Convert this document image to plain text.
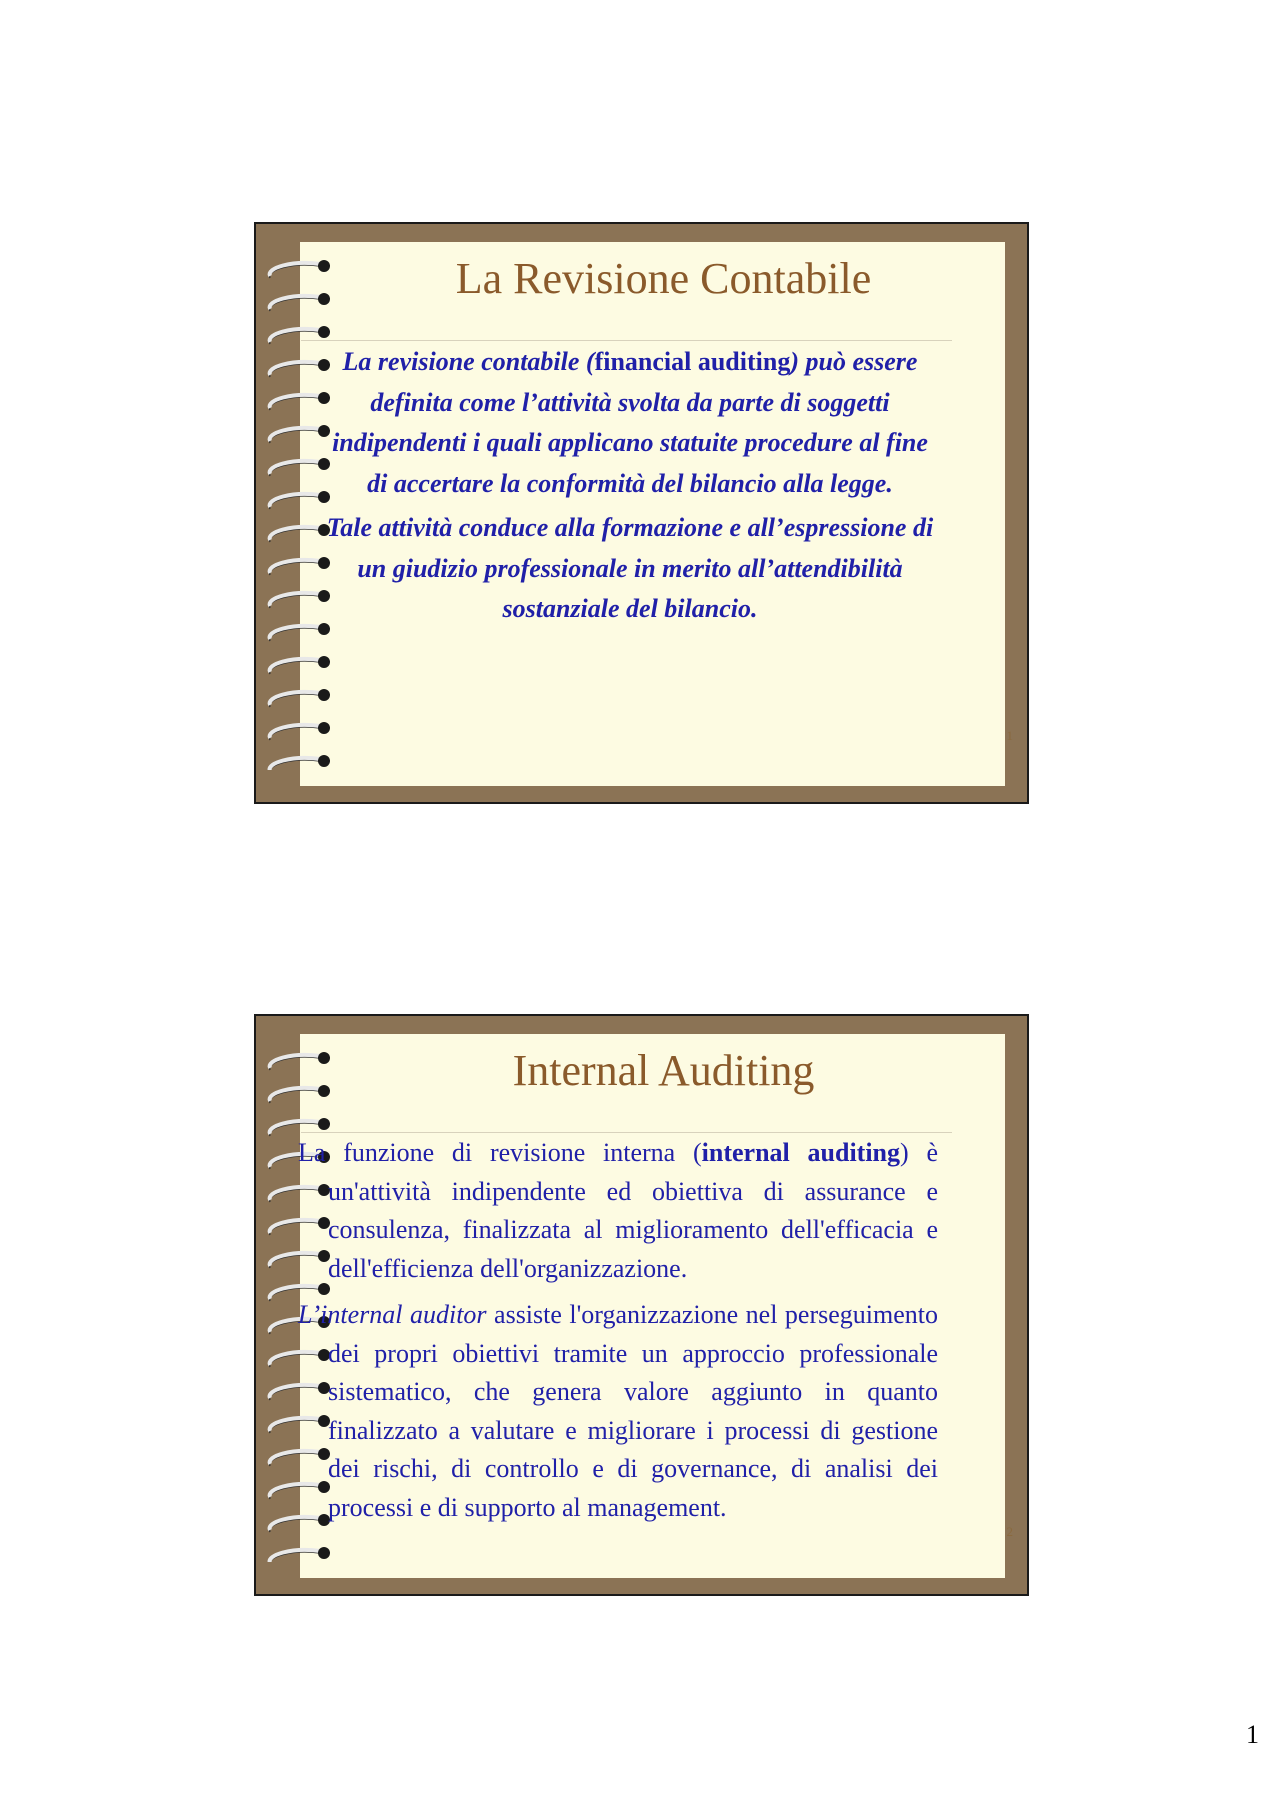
La Revisione Contabile

La revisione contabile (financial auditing) può essere definita come l’attività svolta da parte di soggetti indipendenti i quali applicano statuite procedure al fine di accertare la conformità del bilancio alla legge.

Tale attività conduce alla formazione e all’espressione di un giudizio professionale in merito all’attendibilità sostanziale del bilancio.

1
Internal Auditing

La funzione di revisione interna (internal auditing) è un'attività indipendente ed obiettiva di assurance e consulenza, finalizzata al miglioramento dell'efficacia e dell'efficienza dell'organizzazione.

L’internal auditor assiste l'organizzazione nel perseguimento dei propri obiettivi tramite un approccio professionale sistematico, che genera valore aggiunto in quanto finalizzato a valutare e migliorare i processi di gestione dei rischi, di controllo e di governance, di analisi dei processi e di supporto al management.

2
1
